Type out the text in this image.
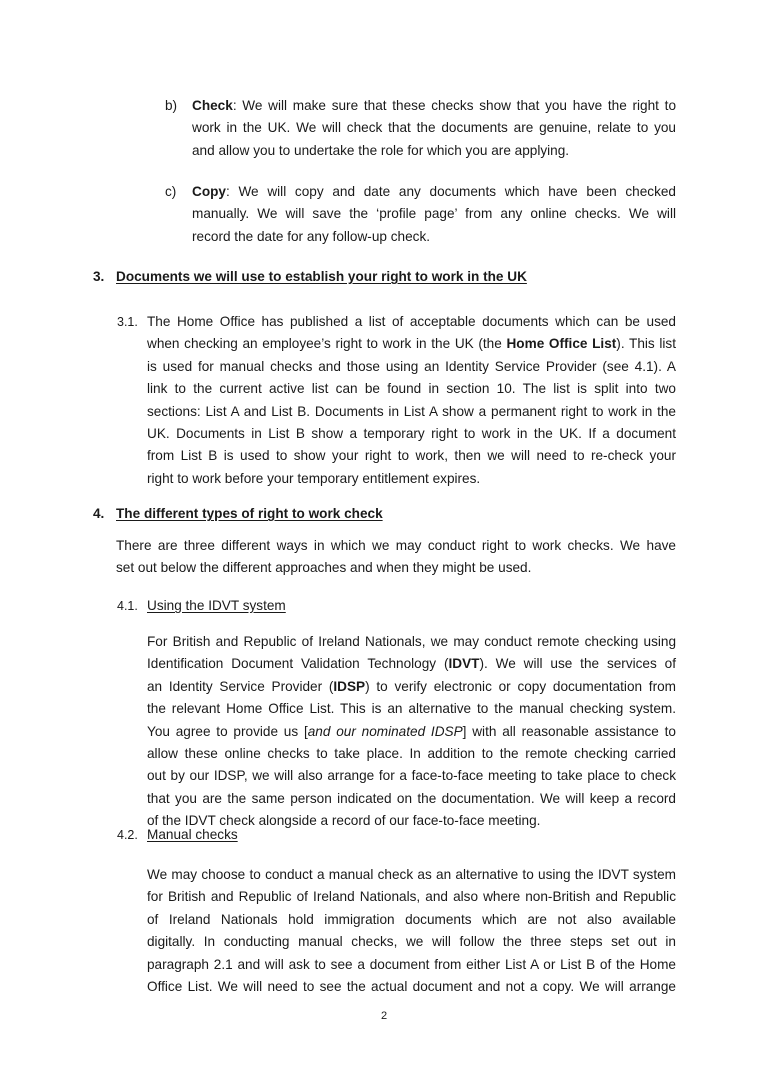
b) Check: We will make sure that these checks show that you have the right to
work in the UK. We will check that the documents are genuine, relate to you
and allow you to undertake the role for which you are applying.
c) Copy: We will copy and date any documents which have been checked
manually. We will save the ‘profile page’ from any online checks. We will
record the date for any follow-up check.
3. Documents we will use to establish your right to work in the UK
3.1. The Home Office has published a list of acceptable documents which can be used
when checking an employee’s right to work in the UK (the Home Office List). This list
is used for manual checks and those using an Identity Service Provider (see 4.1). A
link to the current active list can be found in section 10. The list is split into two
sections: List A and List B. Documents in List A show a permanent right to work in the
UK. Documents in List B show a temporary right to work in the UK. If a document
from List B is used to show your right to work, then we will need to re-check your
right to work before your temporary entitlement expires.
4. The different types of right to work check
There are three different ways in which we may conduct right to work checks. We have
set out below the different approaches and when they might be used.
4.1. Using the IDVT system
For British and Republic of Ireland Nationals, we may conduct remote checking using
Identification Document Validation Technology (IDVT). We will use the services of
an Identity Service Provider (IDSP) to verify electronic or copy documentation from
the relevant Home Office List. This is an alternative to the manual checking system.
You agree to provide us [and our nominated IDSP] with all reasonable assistance to
allow these online checks to take place. In addition to the remote checking carried
out by our IDSP, we will also arrange for a face-to-face meeting to take place to check
that you are the same person indicated on the documentation. We will keep a record
of the IDVT check alongside a record of our face-to-face meeting.
4.2. Manual checks
We may choose to conduct a manual check as an alternative to using the IDVT system
for British and Republic of Ireland Nationals, and also where non-British and Republic
of Ireland Nationals hold immigration documents which are not also available
digitally. In conducting manual checks, we will follow the three steps set out in
paragraph 2.1 and will ask to see a document from either List A or List B of the Home
Office List. We will need to see the actual document and not a copy. We will arrange
2
